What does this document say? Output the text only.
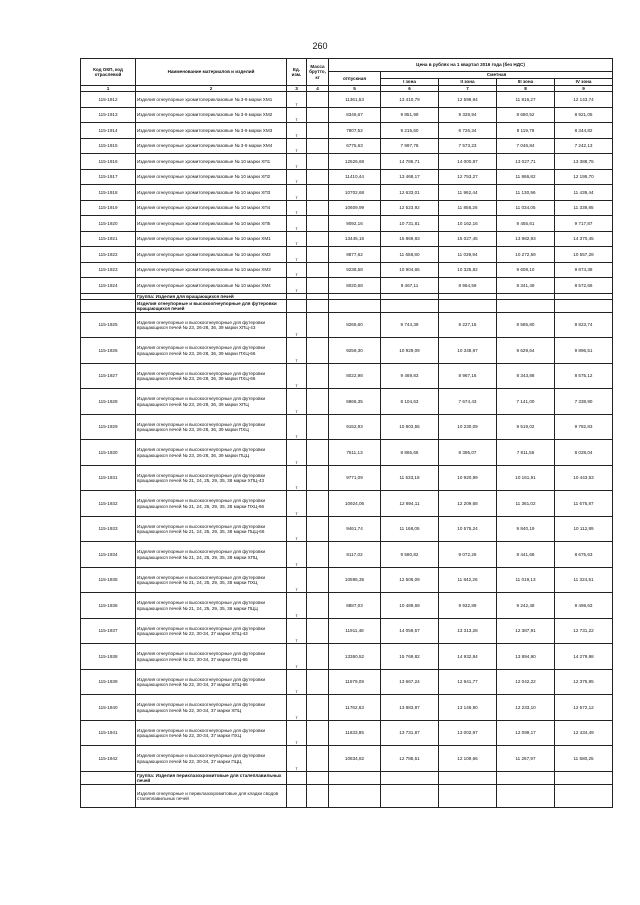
260
Код ОКП, код отраслевой	Наименование материалов и изделий	Ед. изм.	Масса брутто, кг	Цена в рублях на 1 квартал 2016 года (без НДС)				
				отпускная	Сметная			
					I зона	II зона	III зона	IV зона
1	2	3	4	5	6	7	8	9
115-1912	Изделия огнеупорные хромитопериклазовые № 3-9 марки ХМ1	т		11361,53	13 410,79	12 598,94	11 816,27	12 143,74
115-1913	Изделия огнеупорные хромитопериклазовые № 3-9 марки ХМ2	т		8346,67	9 851,99	9 328,94	8 680,52	8 921,05
115-1914	Изделия огнеупорные хромитопериклазовые № 3-9 марки ХМ3	т		7807,52	9 215,60	8 726,34	8 119,79	8 344,82
115-1915	Изделия огнеупорные хромитопериклазовые № 3-9 марки ХМ4	т		6775,63	7 997,78	7 573,23	7 046,84	7 242,13
115-1916	Изделия огнеупорные хромитопериклазовые № 10 марки ХП1	т		12526,68	14 786,71	14 000,87	13 027,71	13 388,75
115-1917	Изделия огнеупорные хромитопериклазовые № 10 марки ХП2	т		11410,44	13 468,17	12 753,27	11 866,82	12 195,70
115-1918	Изделия огнеупорные хромитопериклазовые № 10 марки ХП3	т		10702,68	12 633,01	11 962,44	11 130,96	11 439,44
115-1919	Изделия огнеупорные хромитопериклазовые № 10 марки ХП4	т		10609,99	12 523,92	11 858,26	11 034,05	11 339,85
115-1920	Изделия огнеупорные хромитопериклазовые № 10 марки ХП5	т		9092,16	10 731,81	10 162,16	9 455,61	9 717,87
115-1921	Изделия огнеупорные хромитопериклазовые № 10 марки ХМ1	т		13445,16	15 869,83	15 027,45	13 982,93	14 370,45
115-1922	Изделия огнеупорные хромитопериклазовые № 10 марки ХМ2	т		9877,62	11 658,80	11 039,94	10 272,59	10 557,28
115-1923	Изделия огнеупорные хромитопериклазовые № 10 марки ХМ3	т		9238,58	10 904,65	10 325,82	9 608,10	9 874,38
115-1924	Изделия огнеупорные хромитопериклазовые № 10 марки ХМ4	т		8020,68	9 467,11	8 964,59	8 341,49	8 572,66
	Группа: Изделия для вращающихся печей							
	Изделия огнеупорные и высокоогнеупорные для футеровки вращающихся печей							
115-1925	Изделия огнеупорные и высокоогнеупорные для футеровки вращающихся печей № 23, 26-28, 36, 39 марки ХПЦ-43	т		8265,60	9 744,39	9 227,15	8 585,80	8 823,74
115-1926	Изделия огнеупорные и высокоогнеупорные для футеровки вращающихся печей № 23, 26-28, 36, 39 марки ПХЦ-66	т		9259,30	10 929,09	10 348,97	9 629,64	9 896,51
115-1927	Изделия огнеупорные и высокоогнеупорные для футеровки вращающихся печей № 23, 26-28, 36, 39 марки ПХЦ-66	т		8022,98	9 469,83	8 967,16	8 343,88	8 575,12
115-1928	Изделия огнеупорные и высокоогнеупорные для футеровки вращающихся печей № 23, 26-28, 36, 39 марки ХПЦ	т		6866,35	8 104,63	7 674,43	7 141,00	7 338,90
115-1929	Изделия огнеупорные и высокоогнеупорные для футеровки вращающихся печей № 23, 26-28, 36, 39 марки ПХЦ	т		9152,93	10 803,55	10 230,09	9 519,02	9 782,83
115-1930	Изделия огнеупорные и высокоогнеупорные для футеровки вращающихся печей № 23, 26-28, 36, 39 марки ПЦЦ	т		7511,13	8 865,66	8 395,07	7 811,55	8 028,04
115-1931	Изделия огнеупорные и высокоогнеупорные для футеровки вращающихся печей № 21, 24, 25, 29, 35, 38 марки ХПЦ-43	т		9771,09	11 533,18	10 920,99	10 161,91	10 443,53
115-1932	Изделия огнеупорные и высокоогнеупорные для футеровки вращающихся печей № 21, 24, 25, 29, 35, 38 марки ПХЦ-66	т		10924,06	12 894,11	12 209,68	11 361,02	11 675,87
115-1933	Изделия огнеупорные и высокоогнеупорные для футеровки вращающихся печей № 21, 24, 25, 29, 35, 38 марки ПЦЦ-66	т		9461,74	11 168,05	10 575,24	9 840,19	10 112,89
115-1934	Изделия огнеупорные и высокоогнеупорные для футеровки вращающихся печей № 21, 24, 25, 29, 35, 38 марки ХПЦ	т		8117,02	9 580,82	9 072,26	8 441,68	8 675,63
115-1935	Изделия огнеупорные и высокоогнеупорные для футеровки вращающихся печей № 21, 24, 25, 29, 35, 38 марки ПХЦ	т		10595,35	12 506,09	11 842,26	11 019,13	11 324,51
115-1936	Изделия огнеупорные и высокоогнеупорные для футеровки вращающихся печей № 21, 24, 25, 29, 35, 38 марки ПЦЦ	т		8887,03	10 489,69	9 932,89	9 242,48	9 498,63
115-1937	Изделия огнеупорные и высокоогнеупорные для футеровки вращающихся печей № 22, 30-34, 37 марки ХПЦ-43	т		11911,48	14 059,57	13 313,28	12 387,91	12 731,22
115-1938	Изделия огнеупорные и высокоогнеупорные для футеровки вращающихся печей № 22, 30-34, 37 марки ПХЦ-66	т		13360,52	15 769,82	14 932,84	13 894,90	14 279,98
115-1939	Изделия огнеупорные и высокоогнеупорные для футеровки вращающихся печей № 22, 30-34, 37 марки ХПЦ-66	т		11579,09	13 667,24	12 941,77	12 042,22	12 375,95
115-1940	Изделия огнеупорные и высокоогнеупорные для футеровки вращающихся печей № 22, 30-34, 37 марки ХПЦ	т		11762,63	13 883,87	13 146,90	12 233,10	12 572,12
115-1941	Изделия огнеупорные и высокоогнеупорные для футеровки вращающихся печей № 22, 30-34, 37 марки ПХЦ	т		11633,85	13 731,87	13 002,97	12 099,17	12 434,49
115-1942	Изделия огнеупорные и высокоогнеупорные для футеровки вращающихся печей № 22, 30-34, 37 марки ПЦЦ	т		10834,82	12 788,51	12 109,66	11 267,97	11 580,25
	Группа: Изделия периклазохромитовые для сталеплавильных печей							
	Изделия огнеупорные и периклазохромитовые для кладки сводов сталеплавильных печей							
